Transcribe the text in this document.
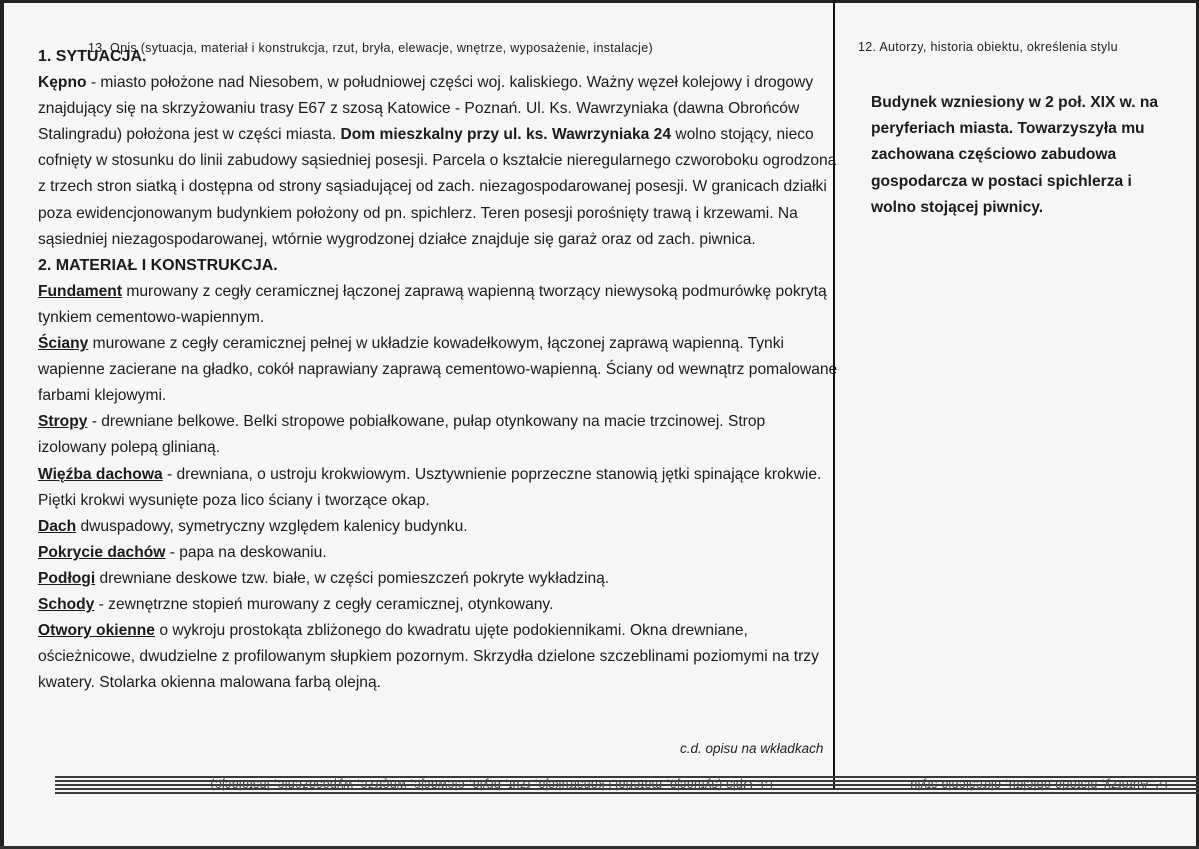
13. Opis (sytuacja, materiał i konstrukcja, rzut, bryła, elewacje, wnętrze, wyposażenie, instalacje)	12. Autorzy, historia obiektu, określenia stylu

1. SYTUACJA.
Kępno - miasto położone nad Niesobem, w południowej części woj. kaliskiego. Ważny węzeł kolejowy i drogowy znajdujący się na skrzyżowaniu trasy E67 z szosą Katowice - Poznań. Ul. Ks. Wawrzyniaka (dawna Obrońców Stalingradu) położona jest w części miasta. Dom mieszkalny przy ul. ks. Wawrzyniaka 24 wolno stojący, nieco cofnięty w stosunku do linii zabudowy sąsiedniej posesji. Parcela o kształcie nieregularnego czworoboku ogrodzona z trzech stron siatką i dostępna od strony sąsiadującej od zach. niezagospodarowanej posesji. W granicach działki poza ewidencjonowanym budynkiem położony od pn. spichlerz. Teren posesji porośnięty trawą i krzewami. Na sąsiedniej niezagospodarowanej, wtórnie wygrodzonej działce znajduje się garaż oraz od zach. piwnica.

2. MATERIAŁ I KONSTRUKCJA.

Fundament murowany z cegły ceramicznej łączonej zaprawą wapienną tworzący niewysoką podmurówkę pokrytą tynkiem cementowo-wapiennym.

Ściany murowane z cegły ceramicznej pełnej w układzie kowadełkowym, łączonej zaprawą wapienną. Tynki wapienne zacierane na gładko, cokół naprawiany zaprawą cementowo-wapienną. Ściany od wewnątrz pomalowane farbami klejowymi.

Stropy - drewniane belkowe. Belki stropowe pobiałkowane, pułap otynkowany na macie trzcinowej. Strop izolowany polepą glinianą.

Więźba dachowa - drewniana, o ustroju krokwiowym. Usztywnienie poprzeczne stanowią jętki spinające krokwie. Piętki krokwi wysunięte poza lico ściany i tworzące okap.

Dach dwuspadowy, symetryczny względem kalenicy budynku.

Pokrycie dachów - papa na deskowaniu.

Podłogi drewniane deskowe tzw. białe, w części pomieszczeń pokryte wykładziną.

Schody - zewnętrzne stopień murowany z cegły ceramicznej, otynkowany.

Otwory okienne o wykroju prostokąta zbliżonego do kwadratu ujęte podokiennikami. Okna drewniane, ościeżnicowe, dwudzielne z profilowanym słupkiem pozornym. Skrzydła dzielone szczeblinami poziomymi na trzy kwatery. Stolarka okienna malowana farbą olejną.

Budynek wzniesiony w 2 poł. XIX w. na peryferiach miasta. Towarzyszyła mu zachowana częściowo zabudowa gospodarcza w postaci spichlerza i wolno stojącej piwnicy.
c.d. opisu na wkładkach
13. Opis (sytuacja, materiał i konstrukcja, rzut, bryła, elewacje, wnętrze, wyposażenie, instalacje)	12. Autorzy, historia obiektu, określenia stylu
